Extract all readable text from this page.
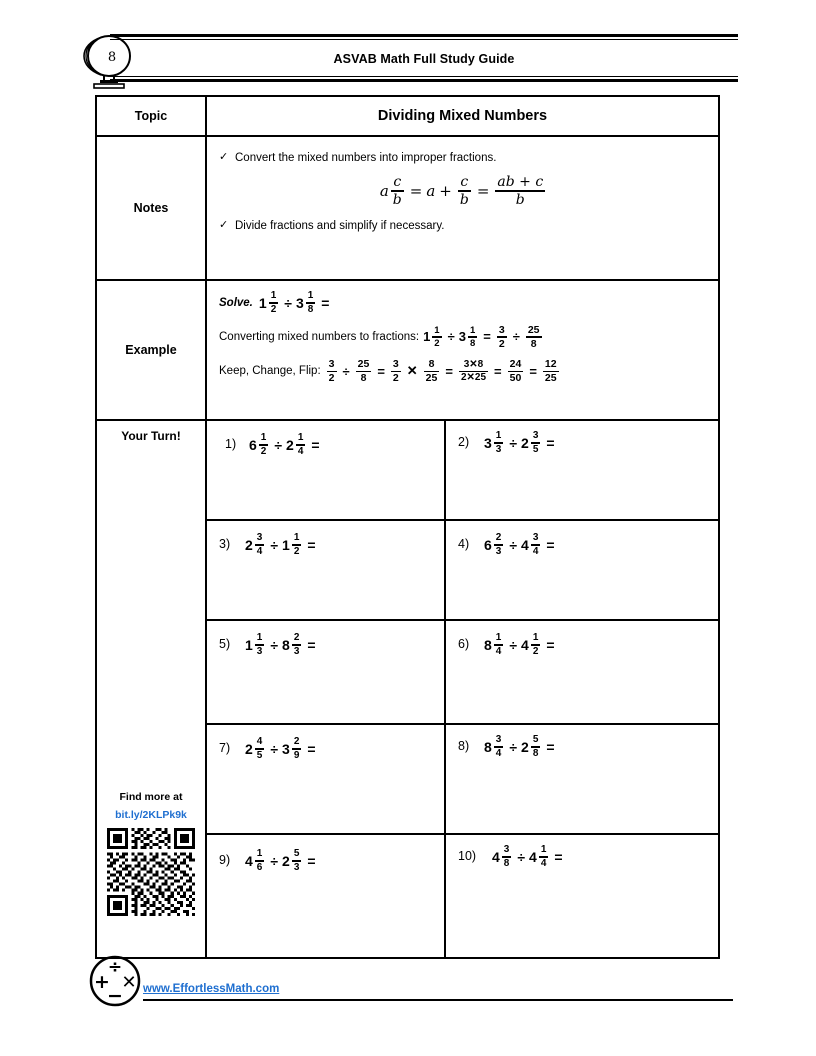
8	ASVAB Math Full Study Guide
Topic	Dividing Mixed Numbers
Notes
✓ Convert the mixed numbers into improper fractions.
a $\frac{c}{b} = a + \frac{c}{b} = \frac{ab + c}{b}$
✓ Divide fractions and simplify if necessary.
Example
Solve. $1 \frac{1}{2} \div 3 \frac{1}{8}$ =
Converting mixed numbers to fractions: $1 \frac{1}{2} \div 3 \frac{1}{8} = \frac{3}{2} \div \frac{25}{8}$
Keep, Change, Flip: $\frac{3}{2} \div \frac{25}{8} = \frac{3}{2}$ ✕ $\frac{8}{25} = \frac{3✕8}{2✕25} = \frac{24}{50} = \frac{12}{25}$
Your Turn!
Find more at
bit.ly/2KLPk9k
1) $6 \frac{1}{2} \div 2 \frac{1}{4}$ =	2) $3 \frac{1}{3} \div 2 \frac{3}{5}$ =
3) $2 \frac{3}{4} \div 1 \frac{1}{2}$ =	4) $6 \frac{2}{3} \div 4 \frac{3}{4}$ =
5) $1 \frac{1}{3} \div 8 \frac{2}{3}$ =	6) $8 \frac{1}{4} \div 4 \frac{1}{2}$ =
7) $2 \frac{4}{5} \div 3 \frac{2}{9}$ =	8) $8 \frac{3}{4} \div 2 \frac{5}{8}$ =
9) $4 \frac{1}{6} \div 2 \frac{5}{3}$ =	10) $4 \frac{3}{8} \div 4 \frac{1}{4}$ =
÷
+ ✕
− www.EffortlessMath.com
